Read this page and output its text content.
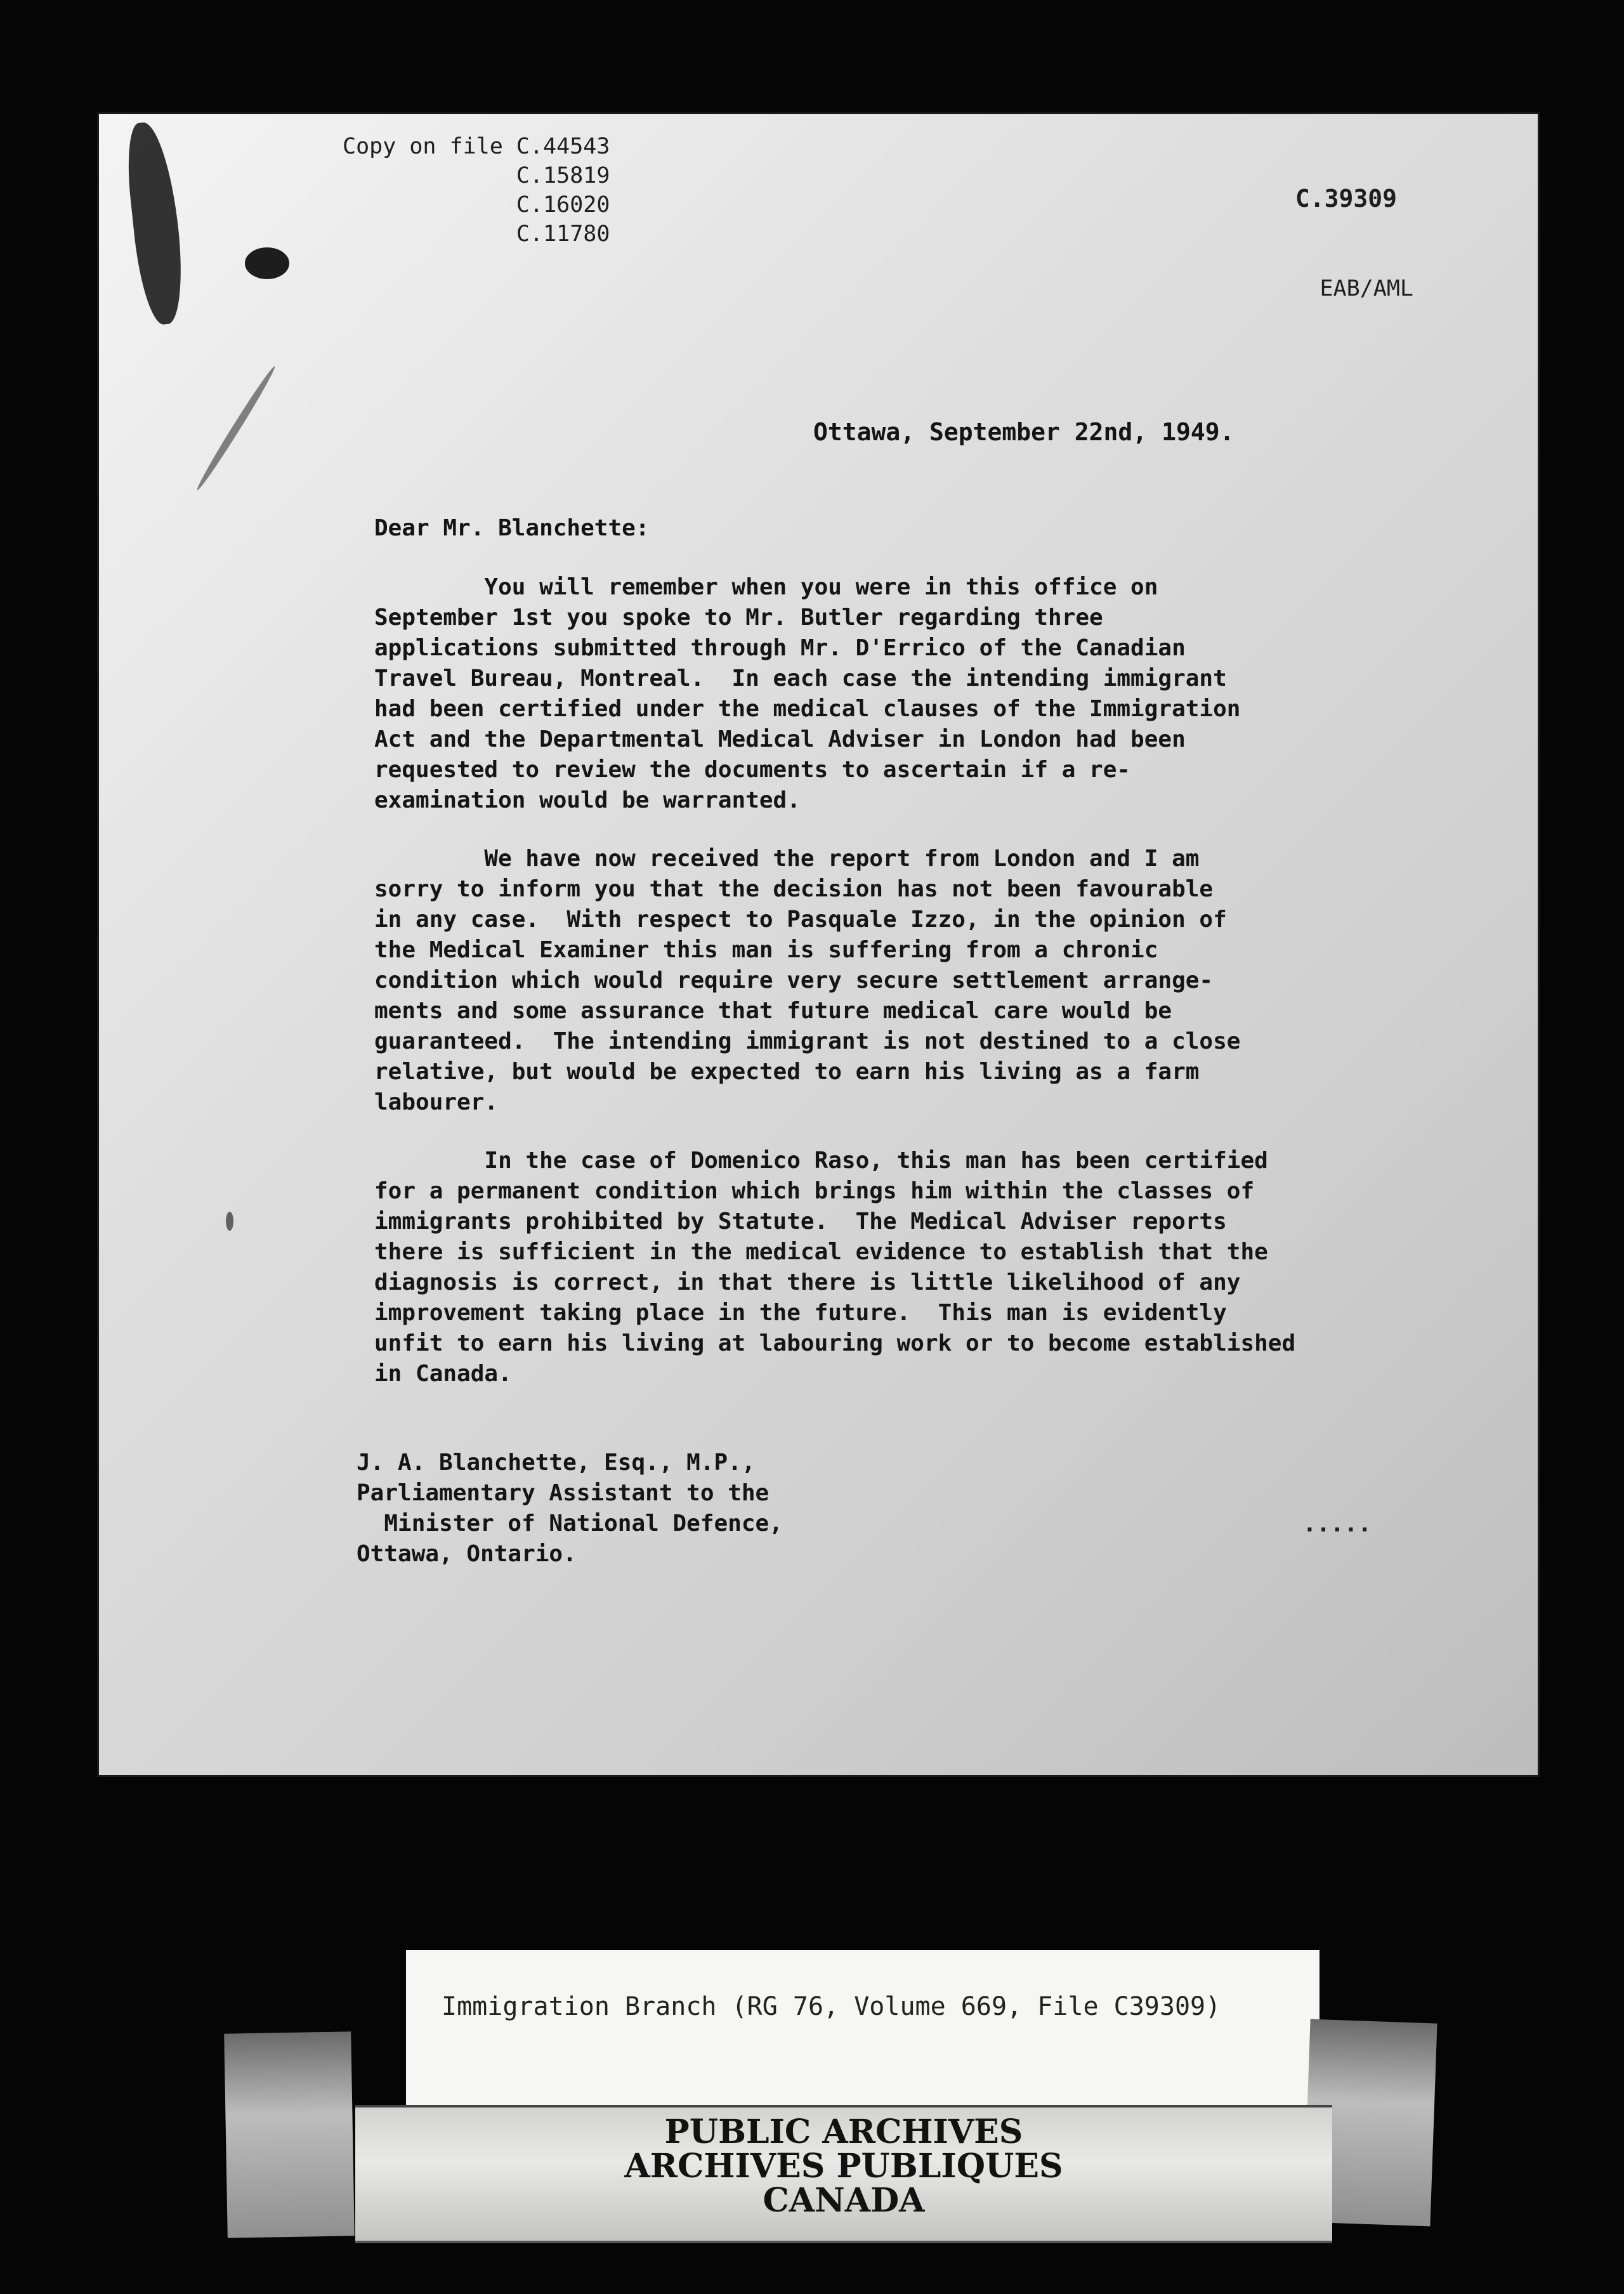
Copy on file C.44543
C.15819
C.16020
C.11780
C.39309
EAB/AML
Ottawa, September 22nd, 1949.
Dear Mr. Blanchette:
You will remember when you were in this office on
September 1st you spoke to Mr. Butler regarding three
applications submitted through Mr. D'Errico of the Canadian
Travel Bureau, Montreal.  In each case the intending immigrant
had been certified under the medical clauses of the Immigration
Act and the Departmental Medical Adviser in London had been
requested to review the documents to ascertain if a re-
examination would be warranted.
We have now received the report from London and I am
sorry to inform you that the decision has not been favourable
in any case.  With respect to Pasquale Izzo, in the opinion of
the Medical Examiner this man is suffering from a chronic
condition which would require very secure settlement arrange-
ments and some assurance that future medical care would be
guaranteed.  The intending immigrant is not destined to a close
relative, but would be expected to earn his living as a farm
labourer.
In the case of Domenico Raso, this man has been certified
for a permanent condition which brings him within the classes of
immigrants prohibited by Statute.  The Medical Adviser reports
there is sufficient in the medical evidence to establish that the
diagnosis is correct, in that there is little likelihood of any
improvement taking place in the future.  This man is evidently
unfit to earn his living at labouring work or to become established
in Canada.
J. A. Blanchette, Esq., M.P.,
Parliamentary Assistant to the
Minister of National Defence,
Ottawa, Ontario.
.....
Immigration Branch (RG 76, Volume 669, File C39309)
PUBLIC ARCHIVES
ARCHIVES PUBLIQUES
CANADA
